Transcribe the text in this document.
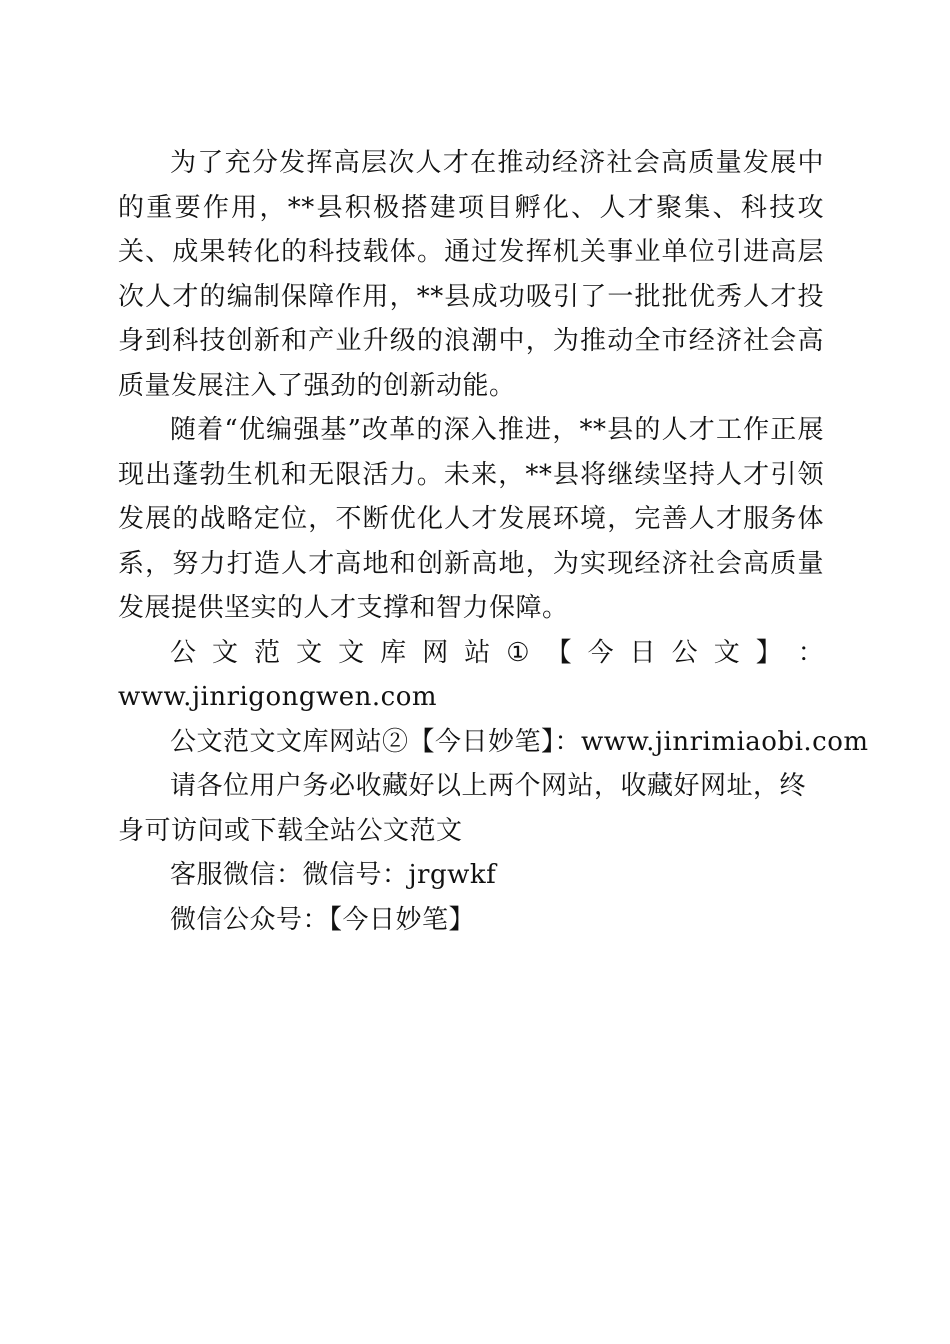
为了充分发挥高层次人才在推动经济社会高质量发展中的重要作用，**县积极搭建项目孵化、人才聚集、科技攻关、成果转化的科技载体。通过发挥机关事业单位引进高层次人才的编制保障作用，**县成功吸引了一批批优秀人才投身到科技创新和产业升级的浪潮中，为推动全市经济社会高质量发展注入了强劲的创新动能。

随着“优编强基”改革的深入推进，**县的人才工作正展现出蓬勃生机和无限活力。未来，**县将继续坚持人才引领发展的战略定位，不断优化人才发展环境，完善人才服务体系，努力打造人才高地和创新高地，为实现经济社会高质量发展提供坚实的人才支撑和智力保障。

公 文 范 文 文 库 网 站 ① 【 今 日 公 文 】 ：

www.jinrigongwen.com

公文范文文库网站②【今日妙笔】：www.jinrimiaobi.com

请各位用户务必收藏好以上两个网站，收藏好网址，终身可访问或下载全站公文范文

客服微信：微信号：jrgwkf

微信公众号：【今日妙笔】
